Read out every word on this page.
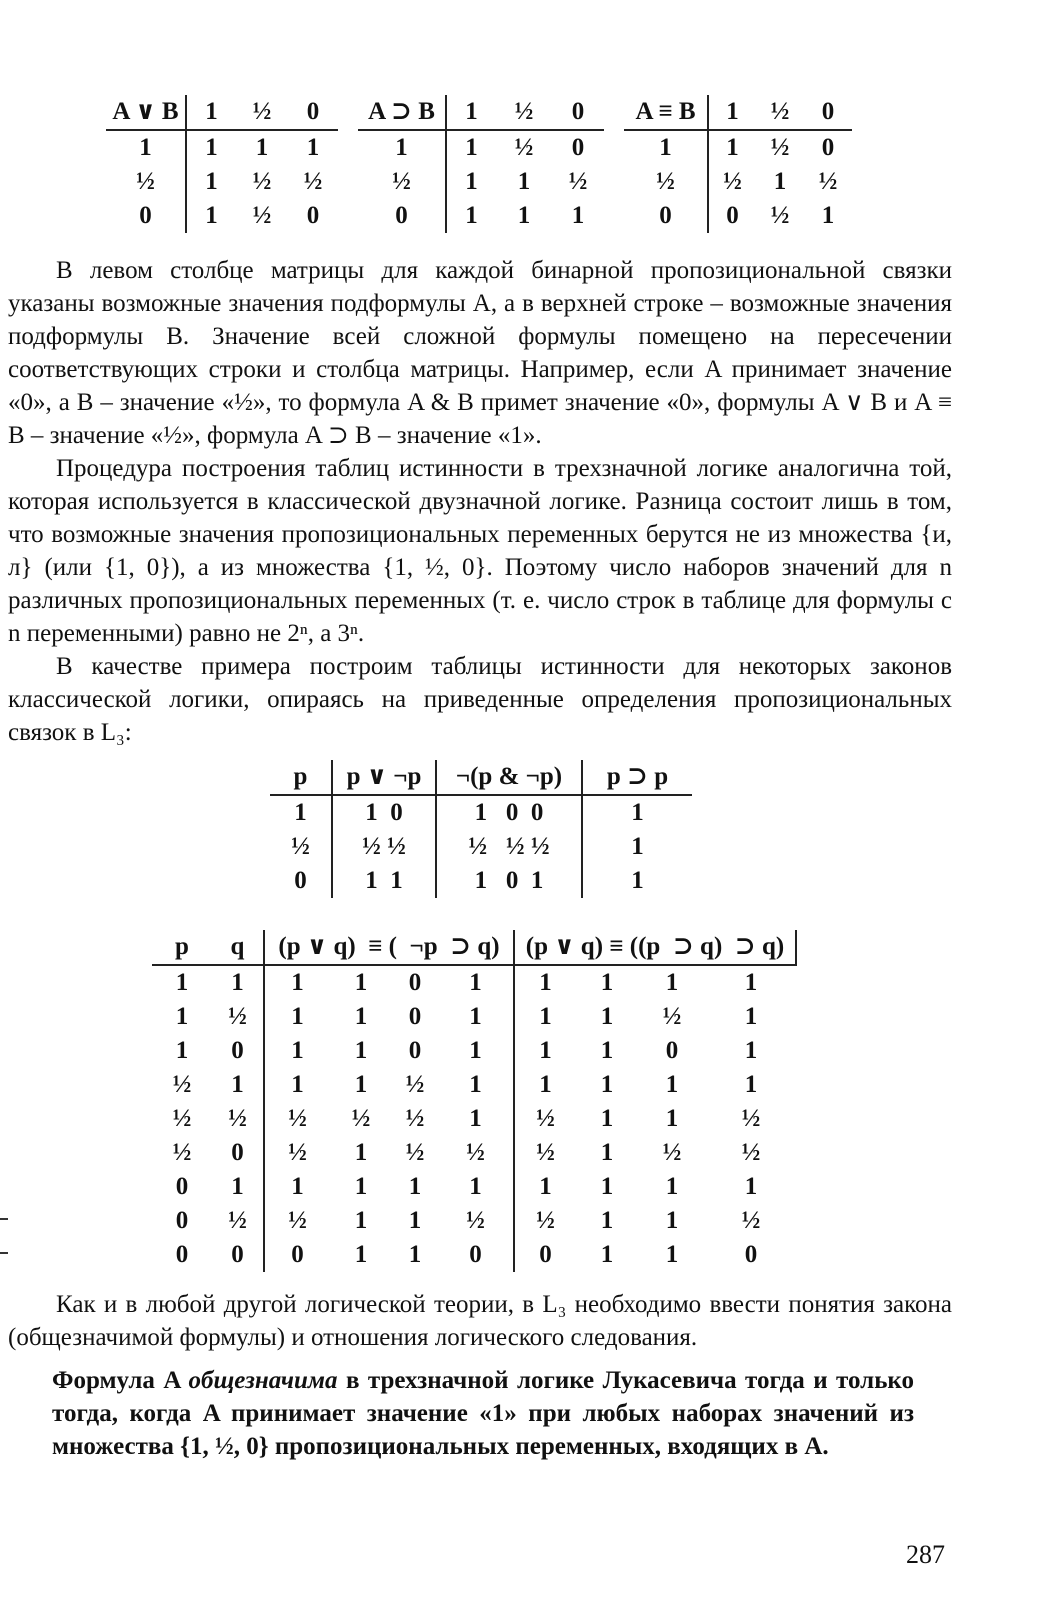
A ∨ B	1	½	0
1	1	1	1
½	1	½	½
0	1	½	0
A ⊃ B	1	½	0
1	1	½	0
½	1	1	½
0	1	1	1
A ≡ B	1	½	0
1	1	½	0
½	½	1	½
0	0	½	1

В левом столбце матрицы для каждой бинарной пропозициональной связки указаны возможные значения подформулы A, а в верхней строке – возможные значения подформулы B. Значение всей сложной формулы помещено на пересечении соответствующих строки и столбца матрицы. Например, если A принимает значение «0», а B – значение «½», то формула A & B примет значение «0», формулы A ∨ B и A ≡ B – значение «½», формула A ⊃ B – значение «1».

Процедура построения таблиц истинности в трехзначной логике аналогична той, которая используется в классической двузначной логике. Разница состоит лишь в том, что возможные значения пропозициональных переменных берутся не из множества {и, л} (или {1, 0}), а из множества {1, ½, 0}. Поэтому число наборов значений для n различных пропозициональных переменных (т. е. число строк в таблице для формулы с n переменными) равно не 2ⁿ, а 3ⁿ.

В качестве примера построим таблицы истинности для некоторых законов классической логики, опираясь на приведенные определения пропозициональных связок в L₃:

p	p ∨ ¬p	¬(p & ¬p)	p ⊃ p
1	1  0	1   0  0	1
½	½ ½	½   ½ ½	1
0	1  1	1   0  1	1
p	q	(p ∨ q)  ≡ (  ¬p  ⊃ q)				(p ∨ q) ≡ ((p  ⊃ q)  ⊃ q)			
1	1	1	1	0	1	1	1	1	1
1	½	1	1	0	1	1	1	½	1
1	0	1	1	0	1	1	1	0	1
½	1	1	1	½	1	1	1	1	1
½	½	½	½	½	1	½	1	1	½
½	0	½	1	½	½	½	1	½	½
0	1	1	1	1	1	1	1	1	1
0	½	½	1	1	½	½	1	1	½
0	0	0	1	1	0	0	1	1	0

Как и в любой другой логической теории, в L₃ необходимо ввести понятия закона (общезначимой формулы) и отношения логического следования.

Формула A общезначима в трехзначной логике Лукасевича тогда и только тогда, когда A принимает значение «1» при любых наборах значений из множества {1, ½, 0} пропозициональных переменных, входящих в A.

287
